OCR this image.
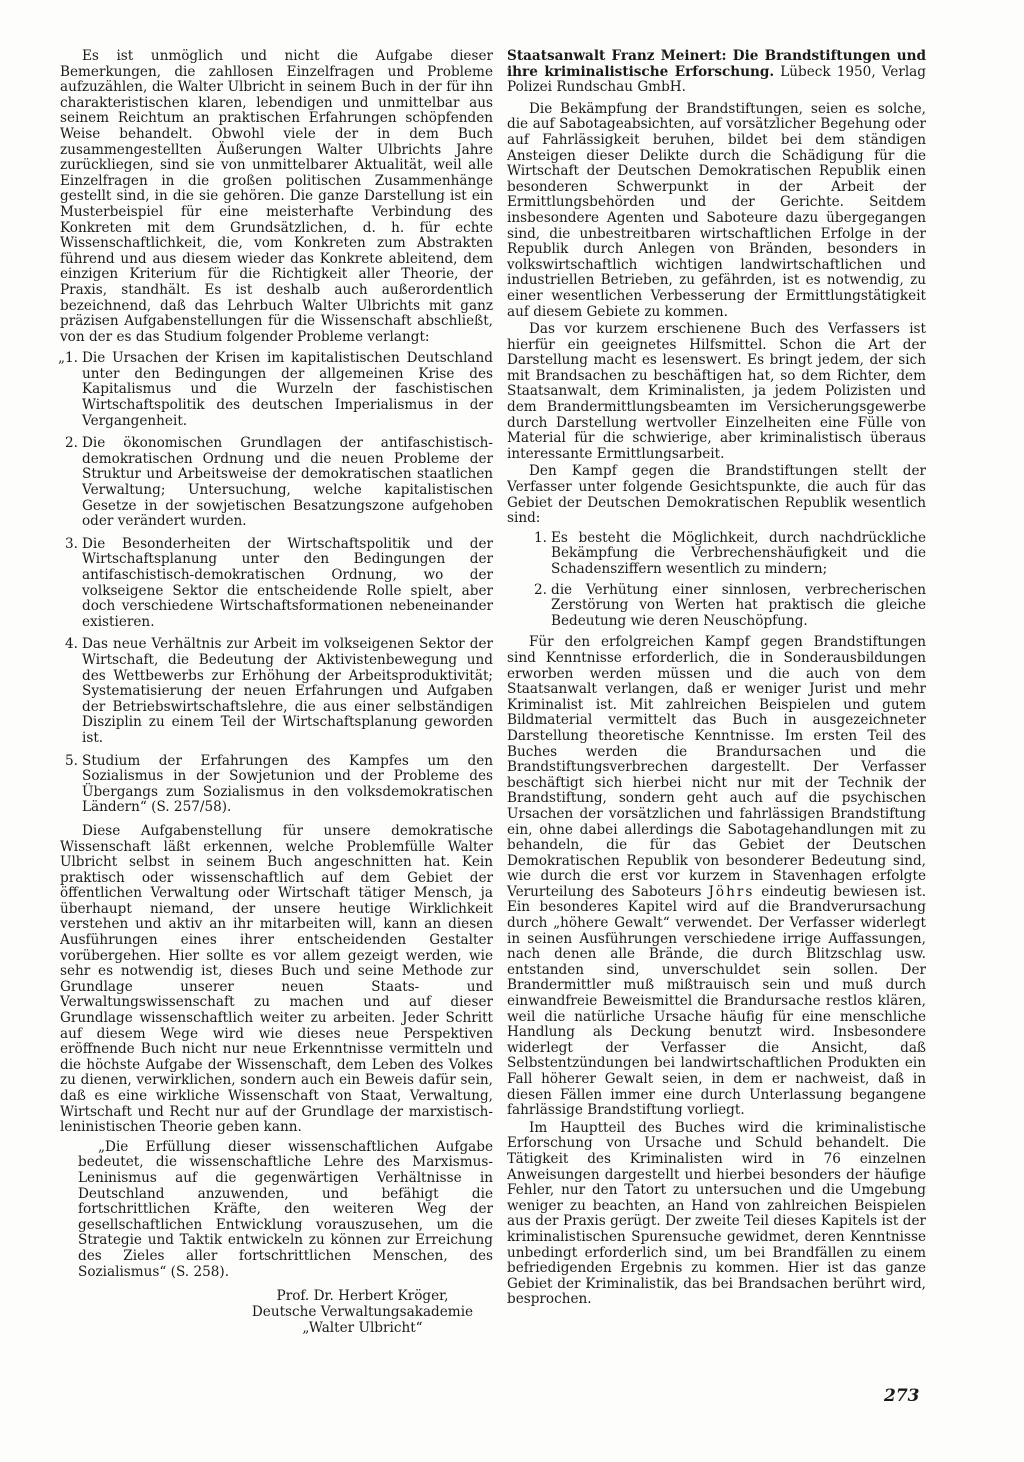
Es ist unmöglich und nicht die Aufgabe dieser Bemerkungen, die zahllosen Einzelfragen und Probleme aufzuzählen, die Walter Ulbricht in seinem Buch in der für ihn charakteristischen klaren, lebendigen und unmittelbar aus seinem Reichtum an praktischen Erfahrungen schöpfenden Weise behandelt. Obwohl viele der in dem Buch zusammengestellten Äußerungen Walter Ulbrichts Jahre zurückliegen, sind sie von unmittelbarer Aktualität, weil alle Einzelfragen in die großen politischen Zusammenhänge gestellt sind, in die sie gehören. Die ganze Darstellung ist ein Musterbeispiel für eine meisterhafte Verbindung des Konkreten mit dem Grundsätzlichen, d. h. für echte Wissenschaftlichkeit, die, vom Konkreten zum Abstrakten führend und aus diesem wieder das Konkrete ableitend, dem einzigen Kriterium für die Richtigkeit aller Theorie, der Praxis, standhält. Es ist deshalb auch außerordentlich bezeichnend, daß das Lehrbuch Walter Ulbrichts mit ganz präzisen Aufgabenstellungen für die Wissenschaft abschließt, von der es das Studium folgender Probleme verlangt:

„1. Die Ursachen der Krisen im kapitalistischen Deutschland unter den Bedingungen der allgemeinen Krise des Kapitalismus und die Wurzeln der faschistischen Wirtschaftspolitik des deutschen Imperialismus in der Vergangenheit.
2. Die ökonomischen Grundlagen der antifaschistisch-demokratischen Ordnung und die neuen Probleme der Struktur und Arbeitsweise der demokratischen staatlichen Verwaltung; Untersuchung, welche kapitalistischen Gesetze in der sowjetischen Besatzungszone aufgehoben oder verändert wurden.
3. Die Besonderheiten der Wirtschaftspolitik und der Wirtschaftsplanung unter den Bedingungen der antifaschistisch-demokratischen Ordnung, wo der volkseigene Sektor die entscheidende Rolle spielt, aber doch verschiedene Wirtschaftsformationen nebeneinander existieren.
4. Das neue Verhältnis zur Arbeit im volkseigenen Sektor der Wirtschaft, die Bedeutung der Aktivistenbewegung und des Wettbewerbs zur Erhöhung der Arbeitsproduktivität; Systematisierung der neuen Erfahrungen und Aufgaben der Betriebswirtschaftslehre, die aus einer selbständigen Disziplin zu einem Teil der Wirtschaftsplanung geworden ist.
5. Studium der Erfahrungen des Kampfes um den Sozialismus in der Sowjetunion und der Probleme des Übergangs zum Sozialismus in den volksdemokratischen Ländern“ (S. 257/58).

Diese Aufgabenstellung für unsere demokratische Wissenschaft läßt erkennen, welche Problemfülle Walter Ulbricht selbst in seinem Buch angeschnitten hat. Kein praktisch oder wissenschaftlich auf dem Gebiet der öffentlichen Verwaltung oder Wirtschaft tätiger Mensch, ja überhaupt niemand, der unsere heutige Wirklichkeit verstehen und aktiv an ihr mitarbeiten will, kann an diesen Ausführungen eines ihrer entscheidenden Gestalter vorübergehen. Hier sollte es vor allem gezeigt werden, wie sehr es notwendig ist, dieses Buch und seine Methode zur Grundlage unserer neuen Staats- und Verwaltungswissenschaft zu machen und auf dieser Grundlage wissenschaftlich weiter zu arbeiten. Jeder Schritt auf diesem Wege wird wie dieses neue Perspektiven eröffnende Buch nicht nur neue Erkenntnisse vermitteln und die höchste Aufgabe der Wissenschaft, dem Leben des Volkes zu dienen, verwirklichen, sondern auch ein Beweis dafür sein, daß es eine wirkliche Wissenschaft von Staat, Verwaltung, Wirtschaft und Recht nur auf der Grundlage der marxistisch-leninistischen Theorie geben kann.

„Die Erfüllung dieser wissenschaftlichen Aufgabe bedeutet, die wissenschaftliche Lehre des Marxismus-Leninismus auf die gegenwärtigen Verhältnisse in Deutschland anzuwenden, und befähigt die fortschrittlichen Kräfte, den weiteren Weg der gesellschaftlichen Entwicklung vorauszusehen, um die Strategie und Taktik entwickeln zu können zur Erreichung des Zieles aller fortschrittlichen Menschen, des Sozialismus“ (S. 258).
Prof. Dr. Herbert Kröger,
Deutsche Verwaltungsakademie
„Walter Ulbricht“

Staatsanwalt Franz Meinert: Die Brandstiftungen und ihre kriminalistische Erforschung. Lübeck 1950, Verlag Polizei Rundschau GmbH.

Die Bekämpfung der Brandstiftungen, seien es solche, die auf Sabotageabsichten, auf vorsätzlicher Begehung oder auf Fahrlässigkeit beruhen, bildet bei dem ständigen Ansteigen dieser Delikte durch die Schädigung für die Wirtschaft der Deutschen Demokratischen Republik einen besonderen Schwerpunkt in der Arbeit der Ermittlungsbehörden und der Gerichte. Seitdem insbesondere Agenten und Saboteure dazu übergegangen sind, die unbestreitbaren wirtschaftlichen Erfolge in der Republik durch Anlegen von Bränden, besonders in volkswirtschaftlich wichtigen landwirtschaftlichen und industriellen Betrieben, zu gefährden, ist es notwendig, zu einer wesentlichen Verbesserung der Ermittlungstätigkeit auf diesem Gebiete zu kommen.

Das vor kurzem erschienene Buch des Verfassers ist hierfür ein geeignetes Hilfsmittel. Schon die Art der Darstellung macht es lesenswert. Es bringt jedem, der sich mit Brandsachen zu beschäftigen hat, so dem Richter, dem Staatsanwalt, dem Kriminalisten, ja jedem Polizisten und dem Brandermittlungsbeamten im Versicherungsgewerbe durch Darstellung wertvoller Einzelheiten eine Fülle von Material für die schwierige, aber kriminalistisch überaus interessante Ermittlungsarbeit.

Den Kampf gegen die Brandstiftungen stellt der Verfasser unter folgende Gesichtspunkte, die auch für das Gebiet der Deutschen Demokratischen Republik wesentlich sind:

1. Es besteht die Möglichkeit, durch nachdrückliche Bekämpfung die Verbrechenshäufigkeit und die Schadensziffern wesentlich zu mindern;
2. die Verhütung einer sinnlosen, verbrecherischen Zerstörung von Werten hat praktisch die gleiche Bedeutung wie deren Neuschöpfung.

Für den erfolgreichen Kampf gegen Brandstiftungen sind Kenntnisse erforderlich, die in Sonderausbildungen erworben werden müssen und die auch von dem Staatsanwalt verlangen, daß er weniger Jurist und mehr Kriminalist ist. Mit zahlreichen Beispielen und gutem Bildmaterial vermittelt das Buch in ausgezeichneter Darstellung theoretische Kenntnisse. Im ersten Teil des Buches werden die Brandursachen und die Brandstiftungsverbrechen dargestellt. Der Verfasser beschäftigt sich hierbei nicht nur mit der Technik der Brandstiftung, sondern geht auch auf die psychischen Ursachen der vorsätzlichen und fahrlässigen Brandstiftung ein, ohne dabei allerdings die Sabotagehandlungen mit zu behandeln, die für das Gebiet der Deutschen Demokratischen Republik von besonderer Bedeutung sind, wie durch die erst vor kurzem in Stavenhagen erfolgte Verurteilung des Saboteurs Jöhrs eindeutig bewiesen ist. Ein besonderes Kapitel wird auf die Brandverursachung durch „höhere Gewalt“ verwendet. Der Verfasser widerlegt in seinen Ausführungen verschiedene irrige Auffassungen, nach denen alle Brände, die durch Blitzschlag usw. entstanden sind, unverschuldet sein sollen. Der Brandermittler muß mißtrauisch sein und muß durch einwandfreie Beweismittel die Brandursache restlos klären, weil die natürliche Ursache häufig für eine menschliche Handlung als Deckung benutzt wird. Insbesondere widerlegt der Verfasser die Ansicht, daß Selbstentzündungen bei landwirtschaftlichen Produkten ein Fall höherer Gewalt seien, in dem er nachweist, daß in diesen Fällen immer eine durch Unterlassung begangene fahrlässige Brandstiftung vorliegt.

Im Hauptteil des Buches wird die kriminalistische Erforschung von Ursache und Schuld behandelt. Die Tätigkeit des Kriminalisten wird in 76 einzelnen Anweisungen dargestellt und hierbei besonders der häufige Fehler, nur den Tatort zu untersuchen und die Umgebung weniger zu beachten, an Hand von zahlreichen Beispielen aus der Praxis gerügt. Der zweite Teil dieses Kapitels ist der kriminalistischen Spurensuche gewidmet, deren Kenntnisse unbedingt erforderlich sind, um bei Brandfällen zu einem befriedigenden Ergebnis zu kommen. Hier ist das ganze Gebiet der Kriminalistik, das bei Brandsachen berührt wird, besprochen.

273
